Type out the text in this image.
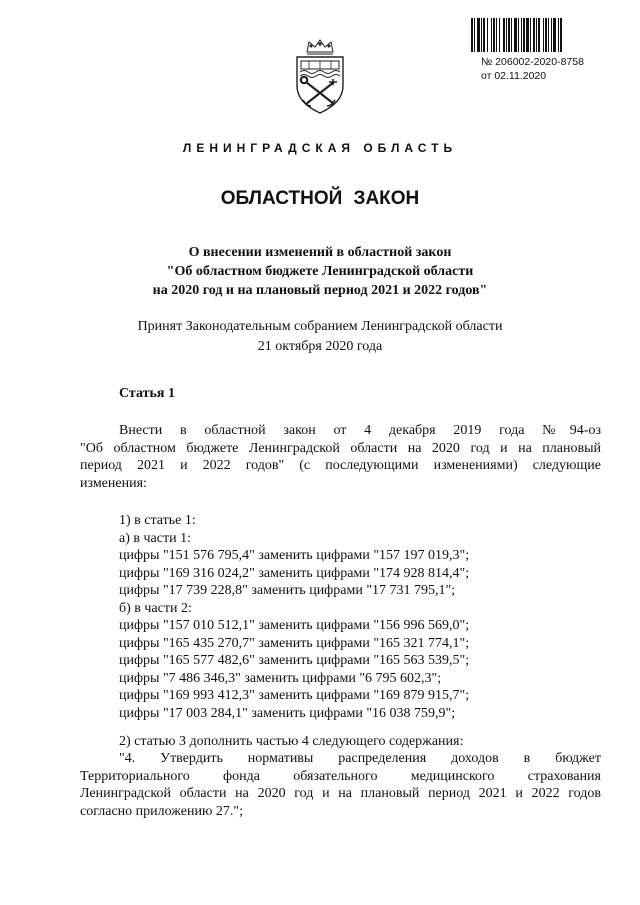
№ 206002-2020-8758
от 02.11.2020
ЛЕНИНГРАДСКАЯ ОБЛАСТЬ
ОБЛАСТНОЙ ЗАКОН
О внесении изменений в областной закон
"Об областном бюджете Ленинградской области
на 2020 год и на плановый период 2021 и 2022 годов"
Принят Законодательным собранием Ленинградской области
21 октября 2020 года
Статья 1
Внести в областной закон от 4 декабря 2019 года №94-оз
"Об областном бюджете Ленинградской области на 2020 год и на плановый
период 2021 и 2022 годов" (с последующими изменениями) следующие
изменения:
1) в статье 1:
а) в части 1:
цифры "151 576 795,4" заменить цифрами "157 197 019,3";
цифры "169 316 024,2" заменить цифрами "174 928 814,4";
цифры "17 739 228,8" заменить цифрами "17 731 795,1";
б) в части 2:
цифры "157 010 512,1" заменить цифрами "156 996 569,0";
цифры "165 435 270,7" заменить цифрами "165 321 774,1";
цифры "165 577 482,6" заменить цифрами "165 563 539,5";
цифры "7 486 346,3" заменить цифрами "6 795 602,3";
цифры "169 993 412,3" заменить цифрами "169 879 915,7";
цифры "17 003 284,1" заменить цифрами "16 038 759,9";
2) статью 3 дополнить частью 4 следующего содержания:
"4. Утвердить нормативы распределения доходов в бюджет
Территориального фонда обязательного медицинского страхования
Ленинградской области на 2020 год и на плановый период 2021 и 2022 годов
согласно приложению 27.";
